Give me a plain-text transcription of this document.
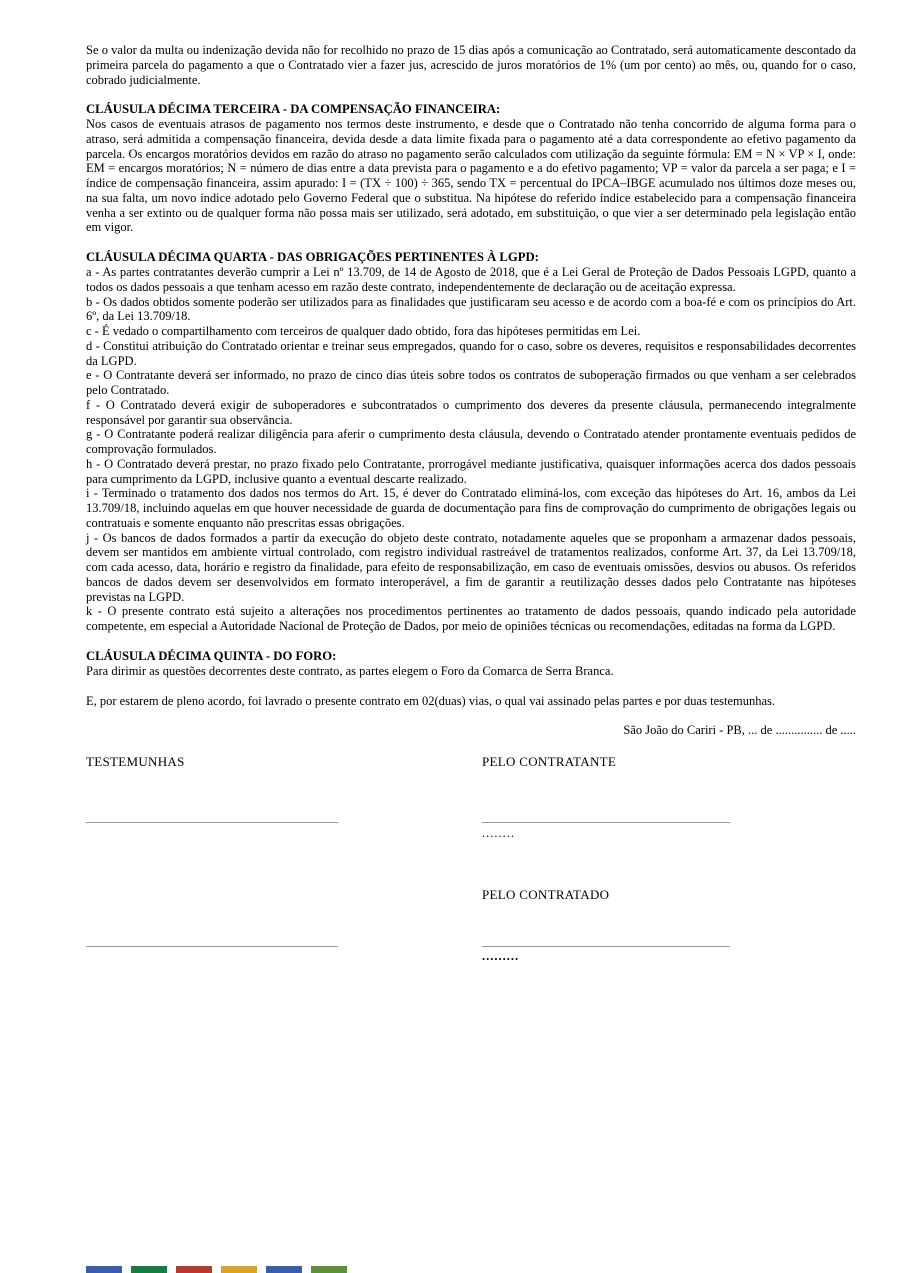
Se o valor da multa ou indenização devida não for recolhido no prazo de 15 dias após a comunicação ao Contratado, será automaticamente descontado da primeira parcela do pagamento a que o Contratado vier a fazer jus, acrescido de juros moratórios de 1% (um por cento) ao mês, ou, quando for o caso, cobrado judicialmente.

CLÁUSULA DÉCIMA TERCEIRA - DA COMPENSAÇÃO FINANCEIRA:

Nos casos de eventuais atrasos de pagamento nos termos deste instrumento, e desde que o Contratado não tenha concorrido de alguma forma para o atraso, será admitida a compensação financeira, devida desde a data limite fixada para o pagamento até a data correspondente ao efetivo pagamento da parcela. Os encargos moratórios devidos em razão do atraso no pagamento serão calculados com utilização da seguinte fórmula: EM = N × VP × I, onde: EM = encargos moratórios; N = número de dias entre a data prevista para o pagamento e a do efetivo pagamento; VP = valor da parcela a ser paga; e I = índice de compensação financeira, assim apurado: I = (TX ÷ 100) ÷ 365, sendo TX = percentual do IPCA–IBGE acumulado nos últimos doze meses ou, na sua falta, um novo índice adotado pelo Governo Federal que o substitua. Na hipótese do referido índice estabelecido para a compensação financeira venha a ser extinto ou de qualquer forma não possa mais ser utilizado, será adotado, em substituição, o que vier a ser determinado pela legislação então em vigor.

CLÁUSULA DÉCIMA QUARTA - DAS OBRIGAÇÕES PERTINENTES À LGPD:

a - As partes contratantes deverão cumprir a Lei nº 13.709, de 14 de Agosto de 2018, que é a Lei Geral de Proteção de Dados Pessoais LGPD, quanto a todos os dados pessoais a que tenham acesso em razão deste contrato, independentemente de declaração ou de aceitação expressa.

b - Os dados obtidos somente poderão ser utilizados para as finalidades que justificaram seu acesso e de acordo com a boa-fé e com os princípios do Art. 6º, da Lei 13.709/18.

c - É vedado o compartilhamento com terceiros de qualquer dado obtido, fora das hipóteses permitidas em Lei.

d - Constitui atribuição do Contratado orientar e treinar seus empregados, quando for o caso, sobre os deveres, requisitos e responsabilidades decorrentes da LGPD.

e - O Contratante deverá ser informado, no prazo de cinco dias úteis sobre todos os contratos de suboperação firmados ou que venham a ser celebrados pelo Contratado.

f - O Contratado deverá exigir de suboperadores e subcontratados o cumprimento dos deveres da presente cláusula, permanecendo integralmente responsável por garantir sua observância.

g - O Contratante poderá realizar diligência para aferir o cumprimento desta cláusula, devendo o Contratado atender prontamente eventuais pedidos de comprovação formulados.

h - O Contratado deverá prestar, no prazo fixado pelo Contratante, prorrogável mediante justificativa, quaisquer informações acerca dos dados pessoais para cumprimento da LGPD, inclusive quanto a eventual descarte realizado.

i - Terminado o tratamento dos dados nos termos do Art. 15, é dever do Contratado eliminá-los, com exceção das hipóteses do Art. 16, ambos da Lei 13.709/18, incluindo aquelas em que houver necessidade de guarda de documentação para fins de comprovação do cumprimento de obrigações legais ou contratuais e somente enquanto não prescritas essas obrigações.

j - Os bancos de dados formados a partir da execução do objeto deste contrato, notadamente aqueles que se proponham a armazenar dados pessoais, devem ser mantidos em ambiente virtual controlado, com registro individual rastreável de tratamentos realizados, conforme Art. 37, da Lei 13.709/18, com cada acesso, data, horário e registro da finalidade, para efeito de responsabilização, em caso de eventuais omissões, desvios ou abusos. Os referidos bancos de dados devem ser desenvolvidos em formato interoperável, a fim de garantir a reutilização desses dados pelo Contratante nas hipóteses previstas na LGPD.

k - O presente contrato está sujeito a alterações nos procedimentos pertinentes ao tratamento de dados pessoais, quando indicado pela autoridade competente, em especial a Autoridade Nacional de Proteção de Dados, por meio de opiniões técnicas ou recomendações, editadas na forma da LGPD.

CLÁUSULA DÉCIMA QUINTA - DO FORO:

Para dirimir as questões decorrentes deste contrato, as partes elegem o Foro da Comarca de Serra Branca.

E, por estarem de pleno acordo, foi lavrado o presente contrato em 02(duas) vias, o qual vai assinado pelas partes e por duas testemunhas.

São João do Cariri - PB, ... de ............... de .....

TESTEMUNHAS	PELO CONTRATANTE
........
PELO CONTRATADO
.........
